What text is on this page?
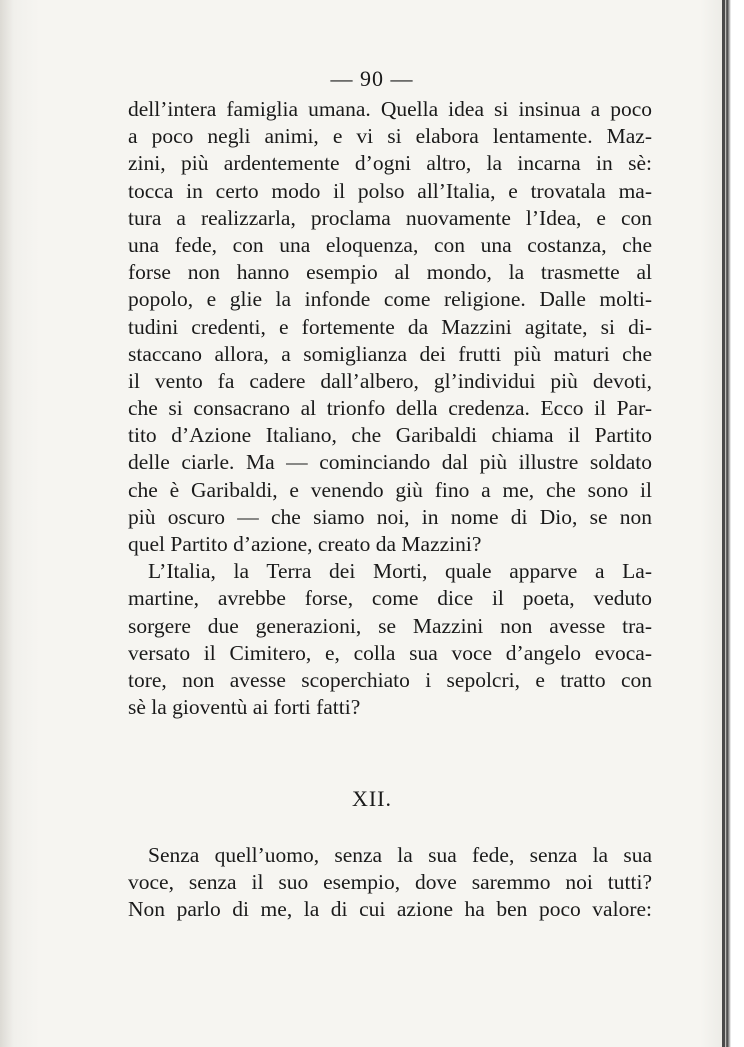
— 90 —
dell’intera famiglia umana. Quella idea si insinua a poco
a poco negli animi, e vi si elabora lentamente. Maz-
zini, più ardentemente d’ogni altro, la incarna in sè:
tocca in certo modo il polso all’Italia, e trovatala ma-
tura a realizzarla, proclama nuovamente l’Idea, e con
una fede, con una eloquenza, con una costanza, che
forse non hanno esempio al mondo, la trasmette al
popolo, e glie la infonde come religione. Dalle molti-
tudini credenti, e fortemente da Mazzini agitate, si di-
staccano allora, a somiglianza dei frutti più maturi che
il vento fa cadere dall’albero, gl’individui più devoti,
che si consacrano al trionfo della credenza. Ecco il Par-
tito d’Azione Italiano, che Garibaldi chiama il Partito
delle ciarle. Ma — cominciando dal più illustre soldato
che è Garibaldi, e venendo giù fino a me, che sono il
più oscuro — che siamo noi, in nome di Dio, se non
quel Partito d’azione, creato da Mazzini?
L’Italia, la Terra dei Morti, quale apparve a La-
martine, avrebbe forse, come dice il poeta, veduto
sorgere due generazioni, se Mazzini non avesse tra-
versato il Cimitero, e, colla sua voce d’angelo evoca-
tore, non avesse scoperchiato i sepolcri, e tratto con
sè la gioventù ai forti fatti?
XII.
Senza quell’uomo, senza la sua fede, senza la sua
voce, senza il suo esempio, dove saremmo noi tutti?
Non parlo di me, la di cui azione ha ben poco valore:
